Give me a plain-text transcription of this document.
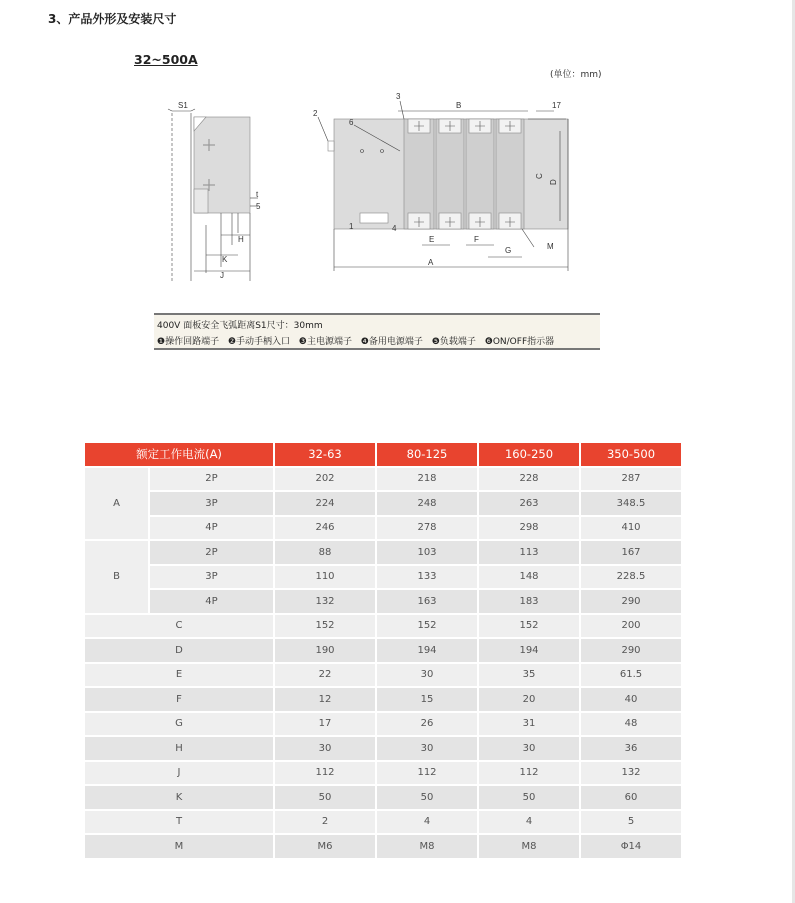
3、产品外形及安装尺寸
32~500A
(单位：mm)
S1
t
5
H
K
J
2
3
6
1	4
B	17
C
D
E	F
G	M
A
400V 面板安全飞弧距离S1尺寸：30mm
❶操作回路端子 ❷手动手柄入口 ❸主电源端子 ❹备用电源端子 ❺负载端子 ❻ON/OFF指示器
额定工作电流(A)		32-63	80-125	160-250	350-500
A	2P	202	218	228	287
	3P	224	248	263	348.5
	4P	246	278	298	410
B	2P	88	103	113	167
	3P	110	133	148	228.5
	4P	132	163	183	290
C		152	152	152	200
D		190	194	194	290
E		22	30	35	61.5
F		12	15	20	40
G		17	26	31	48
H		30	30	30	36
J		112	112	112	132
K		50	50	50	60
T		2	4	4	5
M		M6	M8	M8	Φ14
